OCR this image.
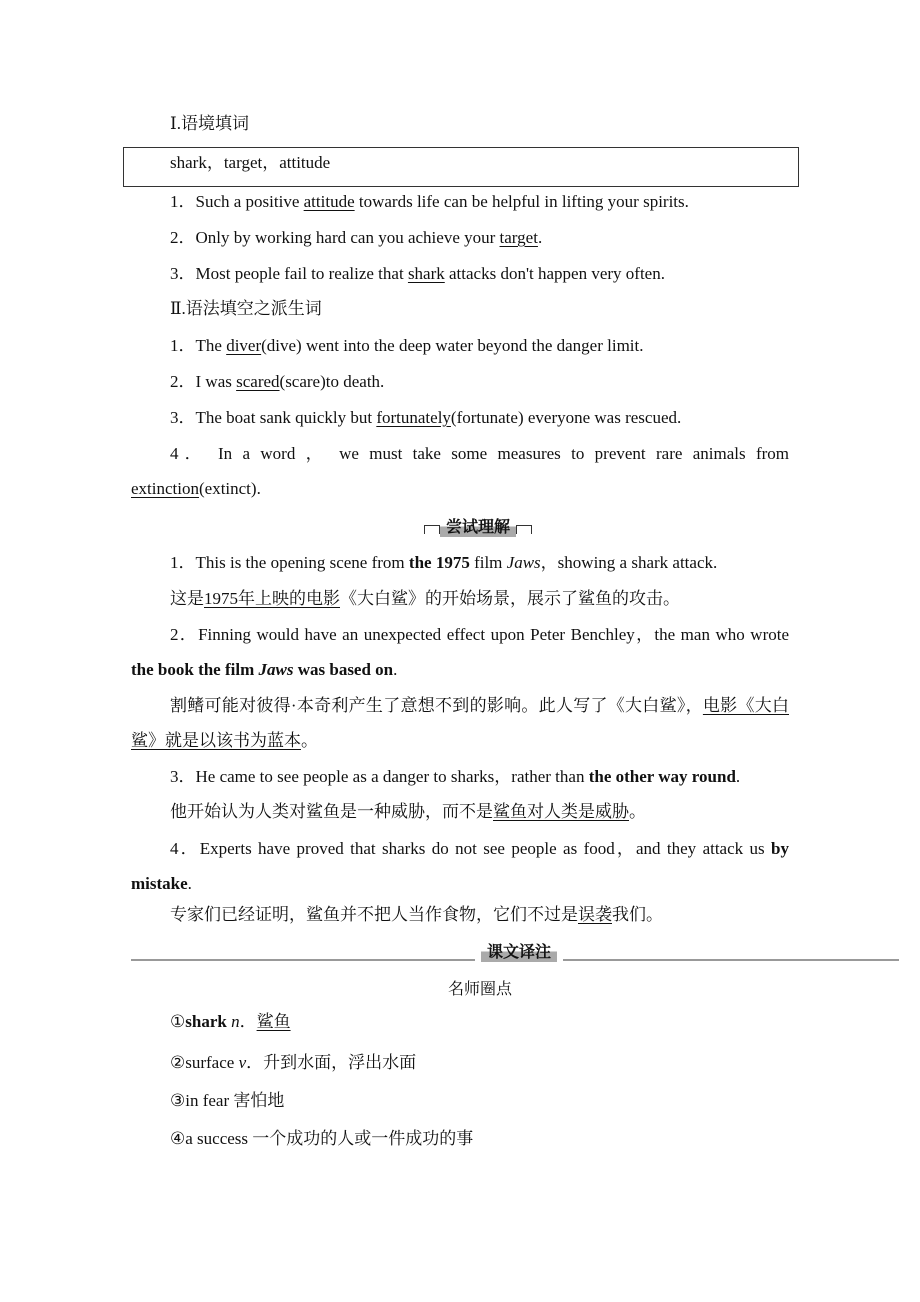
Ⅰ.语境填词
shark，target，attitude
1．Such a positive attitude towards life can be helpful in lifting your spirits.
2．Only by working hard can you achieve your target.
3．Most people fail to realize that shark attacks don't happen very often.
Ⅱ.语法填空之派生词
1．The diver(dive) went into the deep water beyond the danger limit.
2．I was scared(scare)to death.
3．The boat sank quickly but fortunately(fortunate) everyone was rescued.
4． In a word ， we must take some measures to prevent rare animals from extinction(extinct).
尝试理解
1．This is the opening scene from the 1975 film Jaws，showing a shark attack.
这是1975年上映的电影《大白鲨》的开始场景，展示了鲨鱼的攻击。
2．Finning would have an unexpected effect upon Peter Benchley，the man who wrote the book the film Jaws was based on.
割鳍可能对彼得·本奇利产生了意想不到的影响。此人写了《大白鲨》，电影《大白鲨》就是以该书为蓝本。
3．He came to see people as a danger to sharks，rather than the other way round.
他开始认为人类对鲨鱼是一种威胁，而不是鲨鱼对人类是威胁。
4．Experts have proved that sharks do not see people as food，and they attack us by mistake.
专家们已经证明，鲨鱼并不把人当作食物，它们不过是误袭我们。
课文译注
名师圈点
①shark n．鲨鱼
②surface v．升到水面，浮出水面
③in fear 害怕地
④a success 一个成功的人或一件成功的事
